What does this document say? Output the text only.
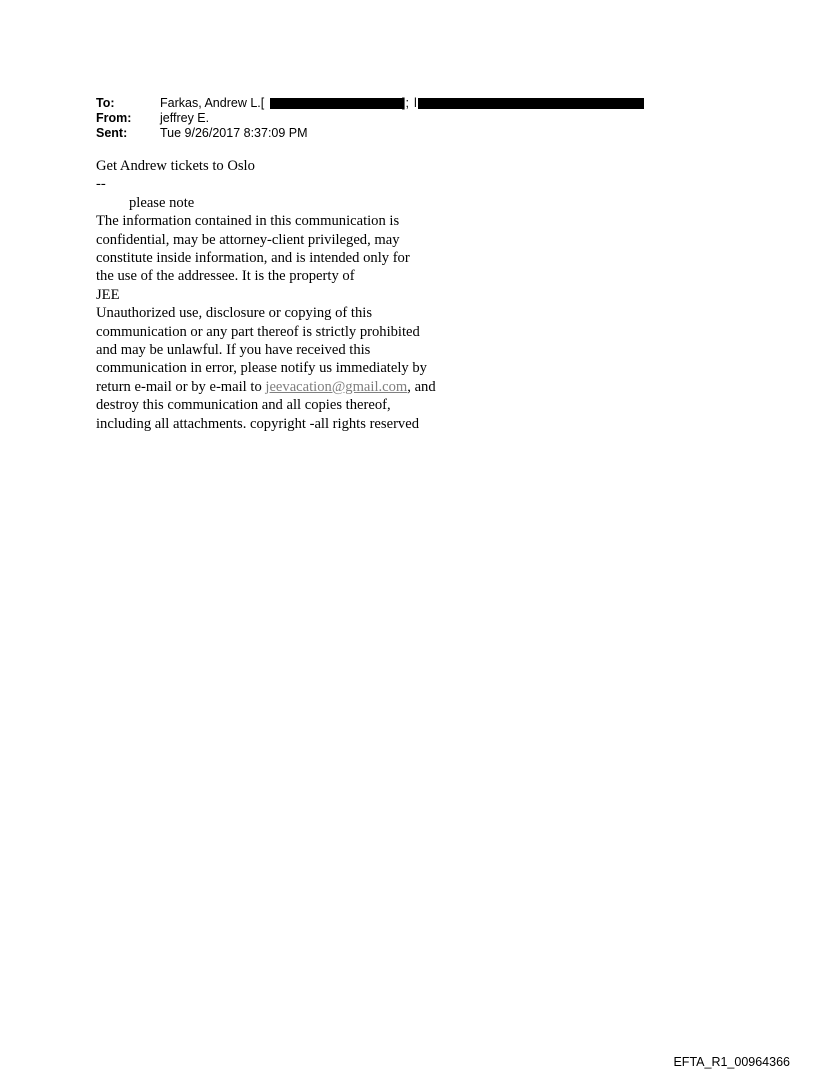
To:	Farkas, Andrew L.[	]; l
From: jeffrey E.
Sent:	Tue 9/26/2017 8:37:09 PM
Get Andrew tickets to Oslo
--
please note
The information contained in this communication is
confidential, may be attorney-client privileged, may
constitute inside information, and is intended only for
the use of the addressee. It is the property of
JEE
Unauthorized use, disclosure or copying of this
communication or any part thereof is strictly prohibited
and may be unlawful. If you have received this
communication in error, please notify us immediately by
return e-mail or by e-mail to jeevacation@gmail.com, and
destroy this communication and all copies thereof,
including all attachments. copyright -all rights reserved
EFTA_R1_00964366
